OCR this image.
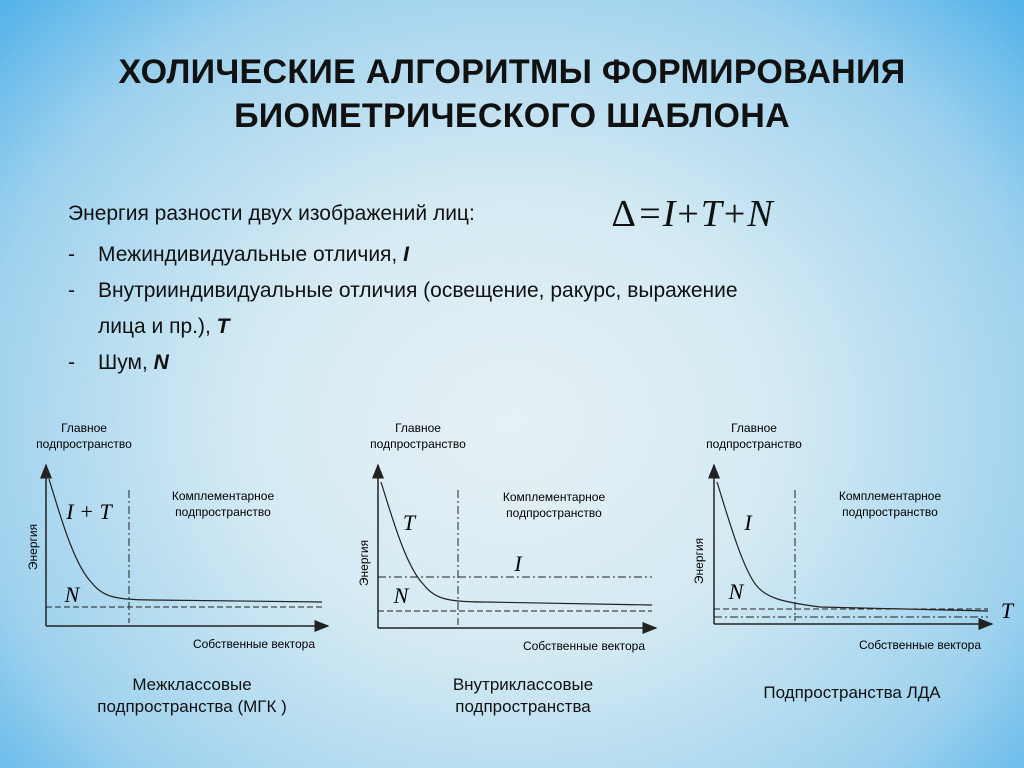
ХОЛИЧЕСКИЕ АЛГОРИТМЫ ФОРМИРОВАНИЯ
БИОМЕТРИЧЕСКОГО ШАБЛОНА
Энергия разности двух изображений лиц:	∆ =I+T+N
- Межиндивидуальные отличия, I
- Внутрииндивидуальные отличия (освещение, ракурс, выражение
лица и пр.), T
- Шум, N
Главное
подпространство
Энергия
Собственные вектора
Комплементарное
подпространство
I + T
N
Главное
подпространство
Энергия
Собственные вектора
Комплементарное
подпространство
T
I
N
Главное
подпространство
Энергия
Собственные вектора
Комплементарное
подпространство
I
N
T
Межклассовые
подпространства (МГК )
Внутриклассовые
подпространства
Подпространства ЛДА
